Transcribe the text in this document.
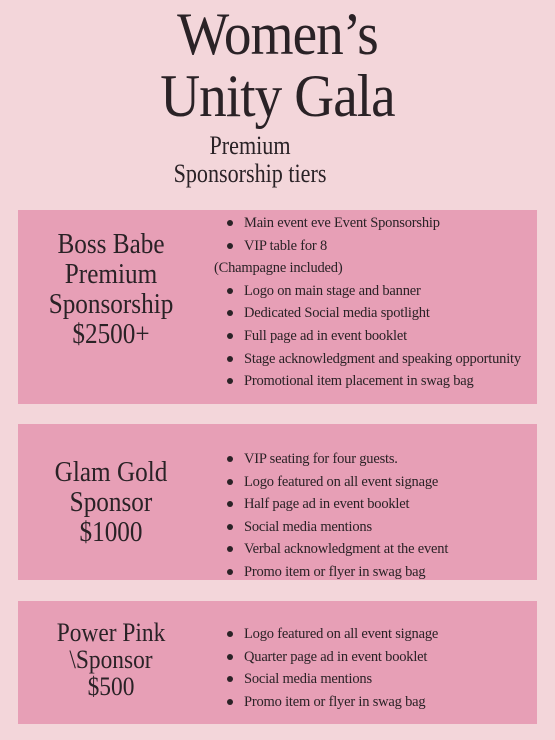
Women’s
Unity Gala
Premium
Sponsorship tiers
Boss Babe
Premium
Sponsorship
$2500+
Main event eve Event Sponsorship
VIP table for 8
(Champagne included)
Logo on main stage and banner
Dedicated Social media spotlight
Full page ad in event booklet
Stage acknowledgment and speaking opportunity
Promotional item placement in swag bag
Glam Gold
Sponsor
$1000
VIP seating for four guests.
Logo featured on all event signage
Half page ad in event booklet
Social media mentions
Verbal acknowledgment at the event
Promo item or flyer in swag bag
Power Pink
\Sponsor
$500
Logo featured on all event signage
Quarter page ad in event booklet
Social media mentions
Promo item or flyer in swag bag
